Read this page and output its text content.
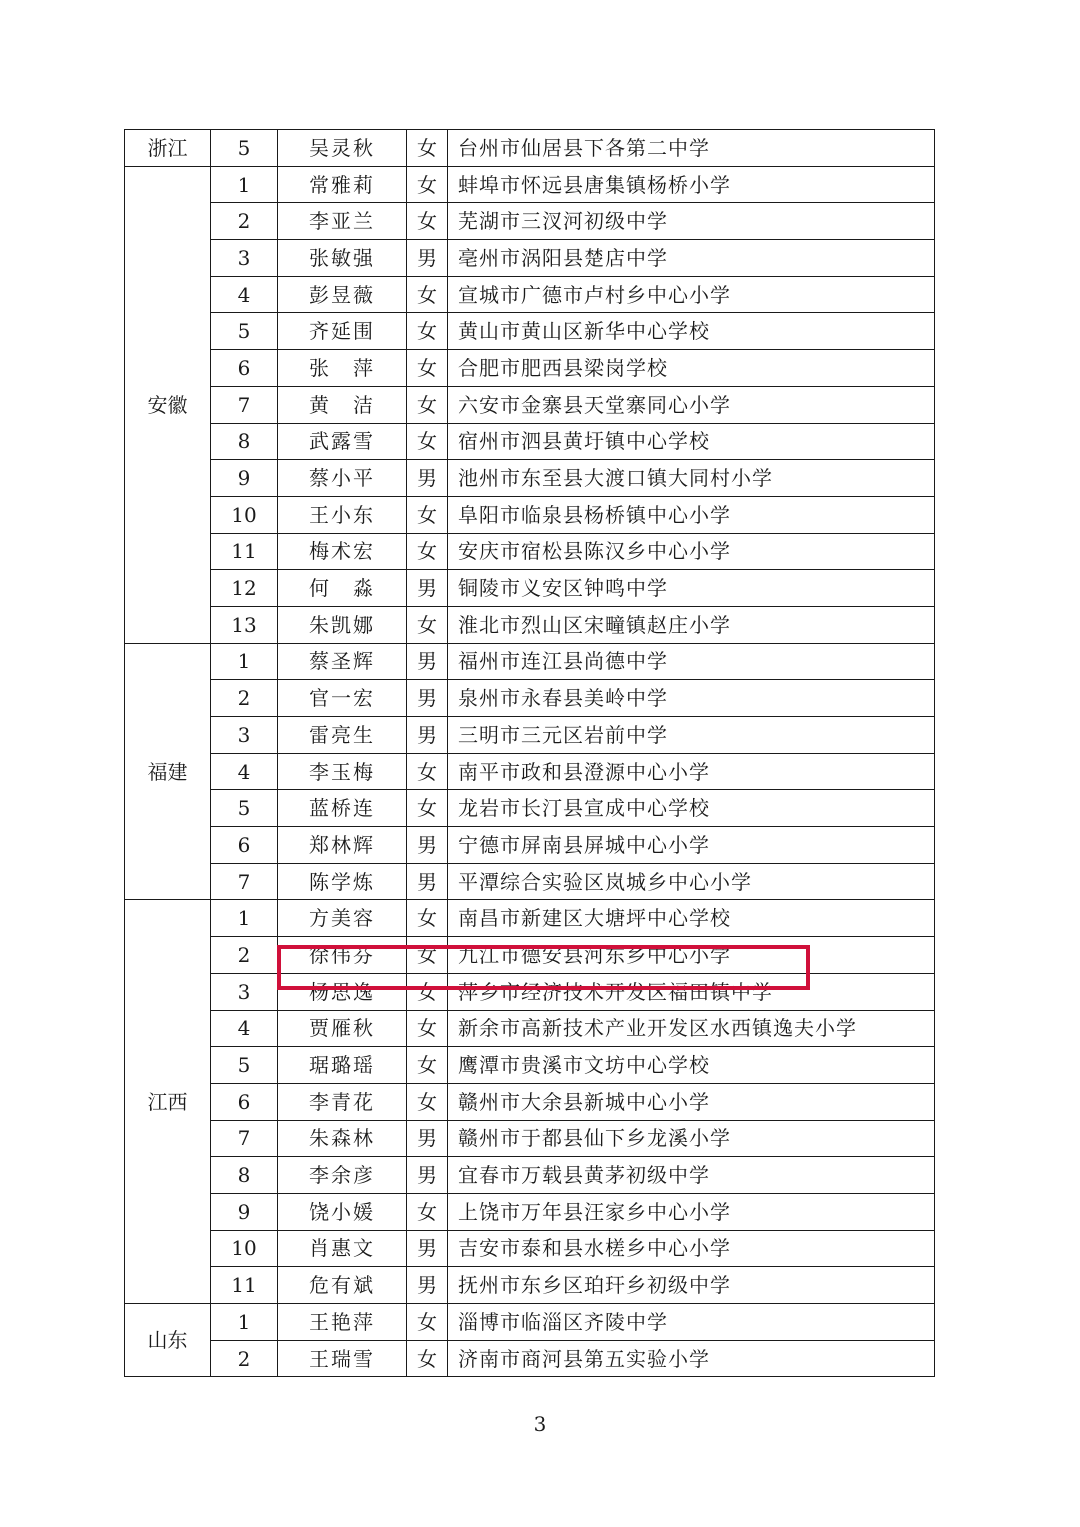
浙江	5	吴灵秋	女	台州市仙居县下各第二中学
安徽	1	常雅莉	女	蚌埠市怀远县唐集镇杨桥小学
	2	李亚兰	女	芜湖市三汊河初级中学
	3	张敏强	男	亳州市涡阳县楚店中学
	4	彭昱薇	女	宣城市广德市卢村乡中心小学
	5	齐延围	女	黄山市黄山区新华中心学校
	6	张　萍	女	合肥市肥西县梁岗学校
	7	黄　洁	女	六安市金寨县天堂寨同心小学
	8	武露雪	女	宿州市泗县黄圩镇中心学校
	9	蔡小平	男	池州市东至县大渡口镇大同村小学
	10	王小东	女	阜阳市临泉县杨桥镇中心小学
	11	梅术宏	女	安庆市宿松县陈汉乡中心小学
	12	何　淼	男	铜陵市义安区钟鸣中学
	13	朱凯娜	女	淮北市烈山区宋疃镇赵庄小学
福建	1	蔡圣辉	男	福州市连江县尚德中学
	2	官一宏	男	泉州市永春县美岭中学
	3	雷亮生	男	三明市三元区岩前中学
	4	李玉梅	女	南平市政和县澄源中心小学
	5	蓝桥连	女	龙岩市长汀县宣成中心学校
	6	郑林辉	男	宁德市屏南县屏城中心小学
	7	陈学炼	男	平潭综合实验区岚城乡中心小学
江西	1	方美容	女	南昌市新建区大塘坪中心学校
	2	徐伟芬	女	九江市德安县河东乡中心小学
	3	杨思逸	女	萍乡市经济技术开发区福田镇中学
	4	贾雁秋	女	新余市高新技术产业开发区水西镇逸夫小学
	5	琚璐瑶	女	鹰潭市贵溪市文坊中心学校
	6	李青花	女	赣州市大余县新城中心小学
	7	朱森林	男	赣州市于都县仙下乡龙溪小学
	8	李余彦	男	宜春市万载县黄茅初级中学
	9	饶小媛	女	上饶市万年县汪家乡中心小学
	10	肖惠文	男	吉安市泰和县水槎乡中心小学
	11	危有斌	男	抚州市东乡区珀玕乡初级中学
山东	1	王艳萍	女	淄博市临淄区齐陵中学
	2	王瑞雪	女	济南市商河县第五实验小学
3
